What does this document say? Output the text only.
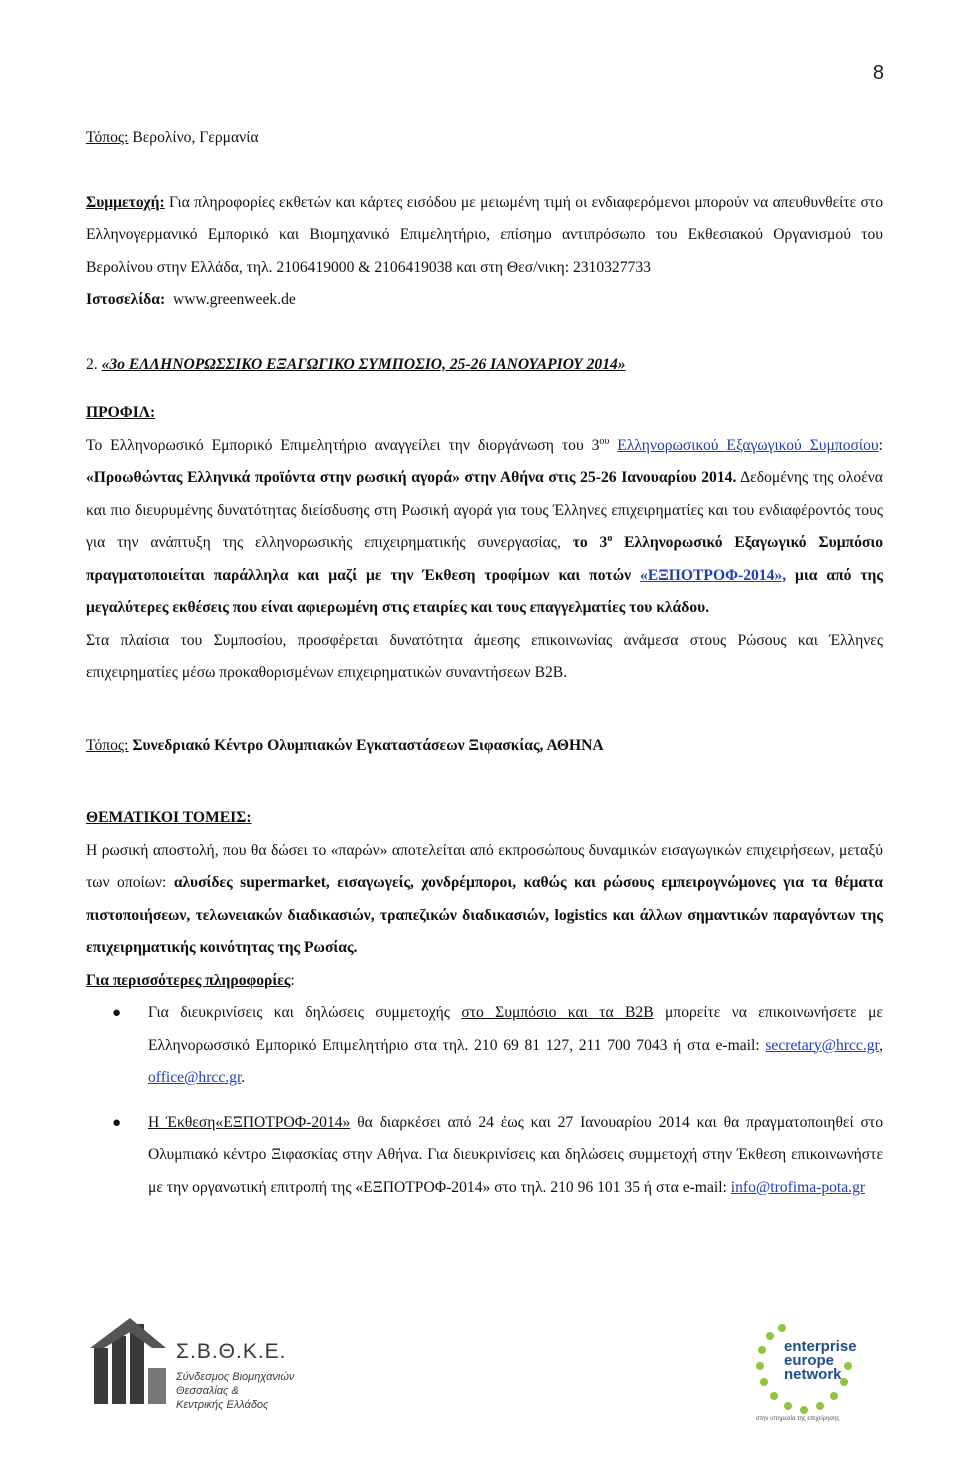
8

Τόπος: Βερολίνο, Γερμανία

Συμμετοχή: Για πληροφορίες εκθετών και κάρτες εισόδου με μειωμένη τιμή οι ενδιαφερόμενοι μπορούν να απευθυνθείτε στο Ελληνογερμανικό Εμπορικό και Βιομηχανικό Επιμελητήριο, επίσημο αντιπρόσωπο του Εκθεσιακού Οργανισμού του Βερολίνου στην Ελλάδα, τηλ. 2106419000 & 2106419038 και στη Θεσ/νικη: 2310327733

Ιστοσελίδα: www.greenweek.de

2. «3ο ΕΛΛΗΝΟΡΩΣΣΙΚΟ ΕΞΑΓΩΓΙΚΟ ΣΥΜΠΟΣΙΟ, 25-26 ΙΑΝΟΥΑΡΙΟΥ 2014»

ΠΡΟΦΙΛ:

Το Ελληνορωσικό Εμπορικό Επιμελητήριο αναγγείλει την διοργάνωση του $3^{o\upsilon}$ Ελληνορωσικού Εξαγωγικού Συμποσίου: «Προωθώντας Ελληνικά προϊόντα στην ρωσική αγορά» στην Αθήνα στις 25-26 Ιανουαρίου 2014. Δεδομένης της ολοένα και πιο διευρυμένης δυνατότητας διείσδυσης στη Ρωσική αγορά για τους Έλληνες επιχειρηματίες και του ενδιαφέροντός τους για την ανάπτυξη της ελληνορωσικής επιχειρηματικής συνεργασίας, το $3^o$ Ελληνορωσικό Εξαγωγικό Συμπόσιο πραγματοποιείται παράλληλα και μαζί με την Έκθεση τροφίμων και ποτών «ΕΞΠΟΤΡΟΦ-2014», μια από της μεγαλύτερες εκθέσεις που είναι αφιερωμένη στις εταιρίες και τους επαγγελματίες του κλάδου.

Στα πλαίσια του Συμποσίου, προσφέρεται δυνατότητα άμεσης επικοινωνίας ανάμεσα στους Ρώσους και Έλληνες επιχειρηματίες μέσω προκαθορισμένων επιχειρηματικών συναντήσεων B2B.

Τόπος: Συνεδριακό Κέντρο Ολυμπιακών Εγκαταστάσεων Ξιφασκίας, ΑΘΗΝΑ

ΘΕΜΑΤΙΚΟΙ ΤΟΜΕΙΣ:

Η ρωσική αποστολή, που θα δώσει το «παρών» αποτελείται από εκπροσώπους δυναμικών εισαγωγικών επιχειρήσεων, μεταξύ των οποίων: αλυσίδες supermarket, εισαγωγείς, χονδρέμποροι, καθώς και ρώσους εμπειρογνώμονες για τα θέματα πιστοποιήσεων, τελωνειακών διαδικασιών, τραπεζικών διαδικασιών, logistics και άλλων σημαντικών παραγόντων της επιχειρηματικής κοινότητας της Ρωσίας.

Για περισσότερες πληροφορίες:

● Για διευκρινίσεις και δηλώσεις συμμετοχής στο Συμπόσιο και τα B2B μπορείτε να επικοινωνήσετε με Ελληνορωσσικό Εμπορικό Επιμελητήριο στα τηλ. 210 69 81 127, 211 700 7043 ή στα e-mail: secretary@hrcc.gr, office@hrcc.gr.
● Η Έκθεση«ΕΞΠΟΤΡΟΦ-2014» θα διαρκέσει από 24 έως και 27 Ιανουαρίου 2014 και θα πραγματοποιηθεί στο Ολυμπιακό κέντρο Ξιφασκίας στην Αθήνα. Για διευκρινίσεις και δηλώσεις συμμετοχή στην Έκθεση επικοινωνήστε με την οργανωτική επιτροπή της «ΕΞΠΟΤΡΟΦ-2014» στο τηλ. 210 96 101 35 ή στα e-mail: info@trofima-pota.gr
Σ.Β.Θ.Κ.Ε.
Σύνδεσμος Βιομηχανιών
Θεσσαλίας &
Κεντρικής Ελλάδος
enterprise
europe
network
στην υπηρεσία της επιχείρησης
